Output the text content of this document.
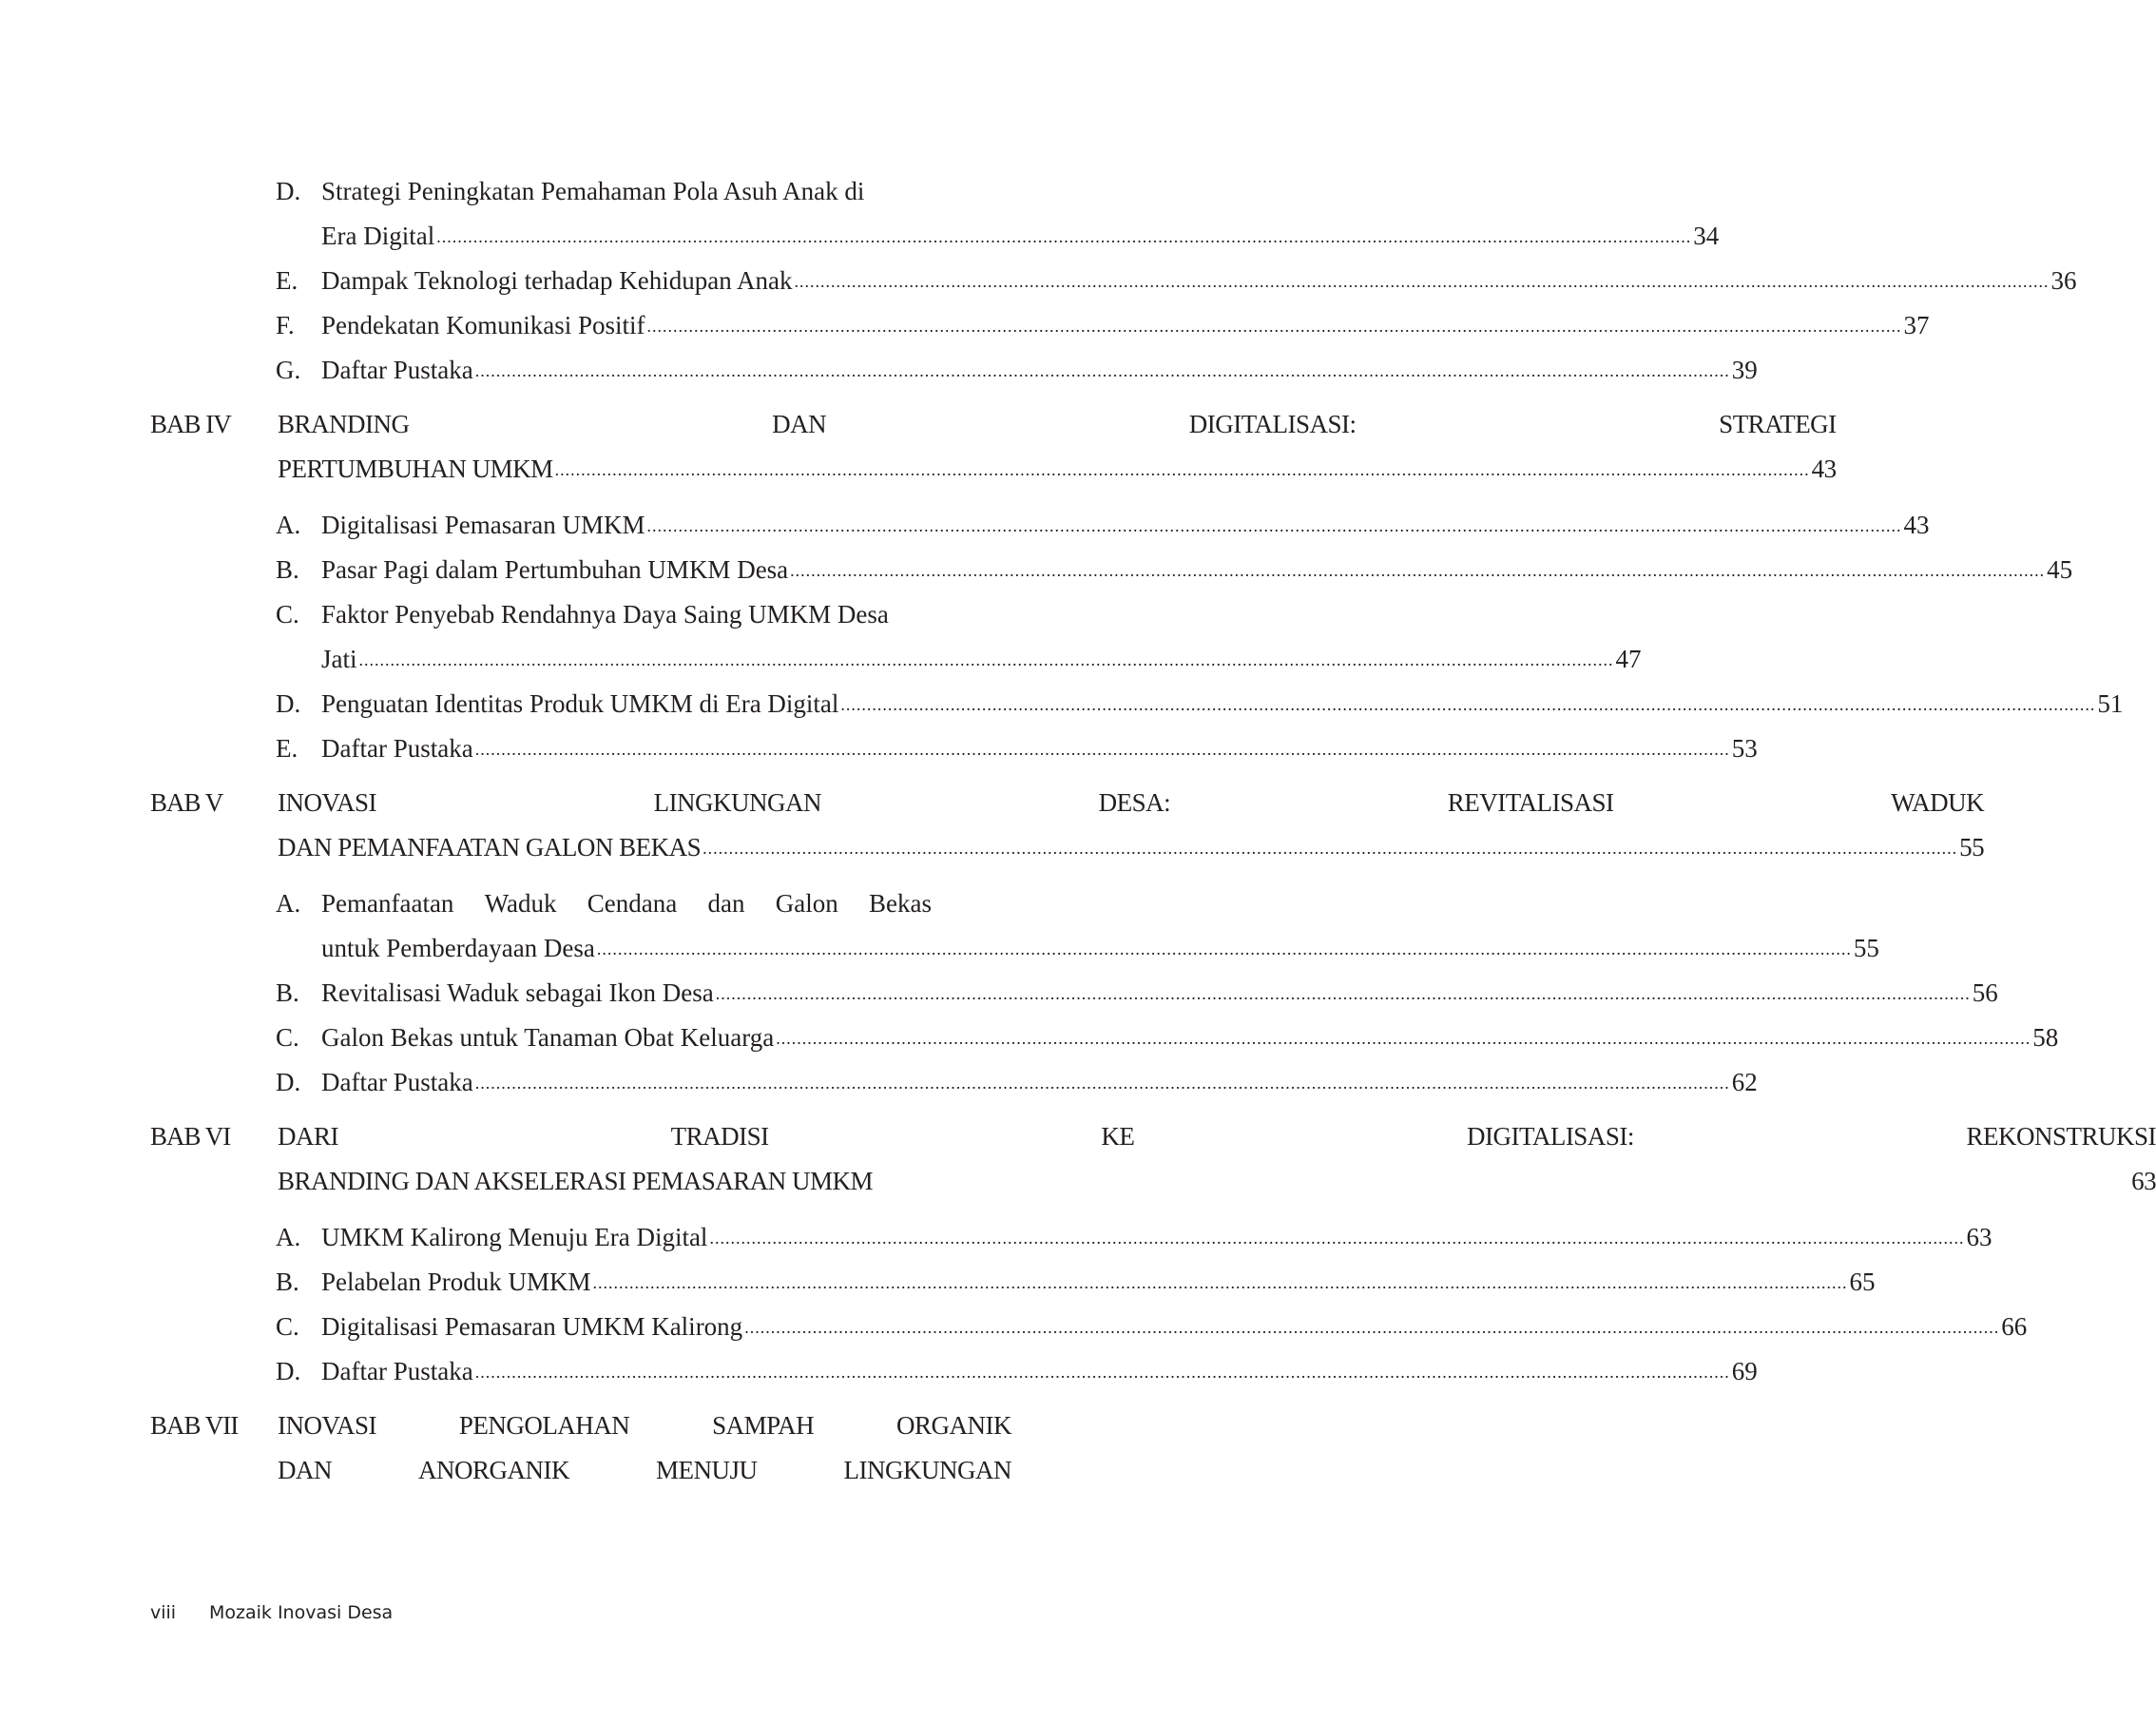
D. Strategi Peningkatan Pemahaman Pola Asuh Anak di
Era Digital .....	34
E. Dampak Teknologi terhadap Kehidupan Anak .....	36
F.	Pendekatan Komunikasi Positif .....	37
G. Daftar Pustaka .....	39
BAB IV	BRANDING	DAN	DIGITALISASI:	STRATEGI
PERTUMBUHAN UMKM .....	43
A. Digitalisasi Pemasaran UMKM .....	43
B. Pasar Pagi dalam Pertumbuhan UMKM Desa .....	45
C. Faktor Penyebab Rendahnya Daya Saing UMKM Desa
Jati .....	47
D. Penguatan Identitas Produk UMKM di Era Digital .....	51
E. Daftar Pustaka .....	53
BAB V	INOVASI	LINGKUNGAN	DESA:	REVITALISASI	WADUK
DAN PEMANFAATAN GALON BEKAS .....	55
A. Pemanfaatan Waduk Cendana dan Galon Bekas
untuk Pemberdayaan Desa .....	55
B. Revitalisasi Waduk sebagai Ikon Desa .....	56
C. Galon Bekas untuk Tanaman Obat Keluarga .....	58
D. Daftar Pustaka .....	62
BAB VI	DARI	TRADISI	KE	DIGITALISASI:	REKONSTRUKSI
BRANDING DAN AKSELERASI PEMASARAN UMKM	63
A. UMKM Kalirong Menuju Era Digital .....	63
B. Pelabelan Produk UMKM .....	65
C. Digitalisasi Pemasaran UMKM Kalirong .....	66
D. Daftar Pustaka .....	69
BAB VII	INOVASI	PENGOLAHAN	SAMPAH	ORGANIK
DAN	ANORGANIK	MENUJU	LINGKUNGAN
viii Mozaik Inovasi Desa
